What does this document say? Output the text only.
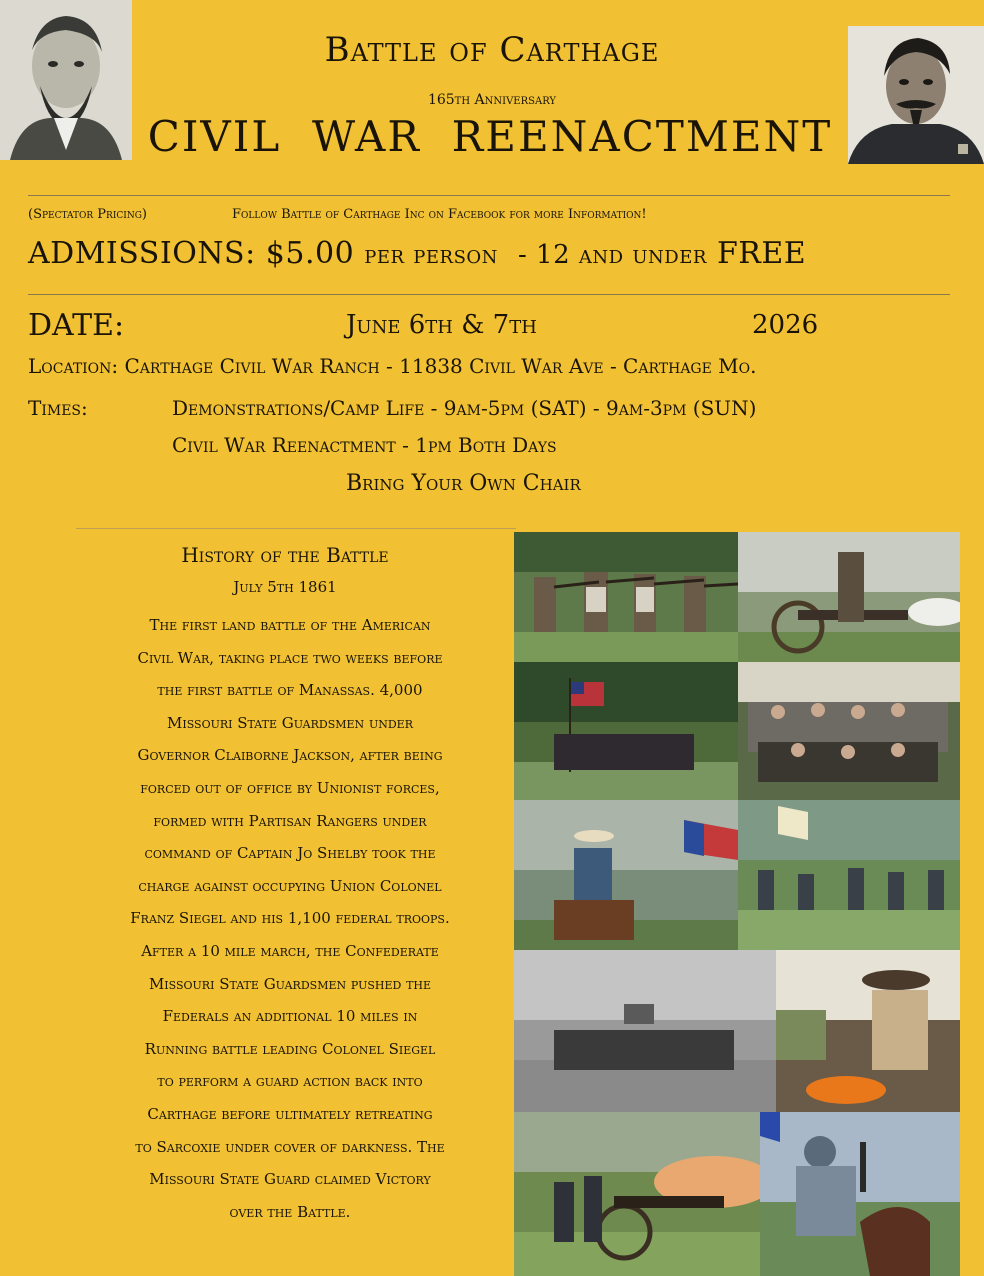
Battle of Carthage
165th Anniversary
CIVIL  WAR  REENACTMENT
(Spectator Pricing)	Follow Battle of Carthage Inc on Facebook for more Information!
ADMISSIONS: $5.00 per person - 12 and under FREE
DATE:	June 6th & 7th	2026
Location: Carthage Civil War Ranch - 11838 Civil War Ave - Carthage Mo.
Times:	Demonstrations/Camp Life - 9am-5pm (SAT) - 9am-3pm (SUN)
Civil War Reenactment - 1pm Both Days
Bring Your Own Chair
History of the Battle
July 5th 1861
The first land battle of the American
Civil War, taking place two weeks before
the first battle of Manassas. 4,000
Missouri State Guardsmen under
Governor Claiborne Jackson, after being
forced out of office by Unionist forces,
formed with Partisan Rangers under
command of Captain Jo Shelby took the
charge against occupying Union Colonel
Franz Siegel and his 1,100 federal troops.
After a 10 mile march, the Confederate
Missouri State Guardsmen pushed the
Federals an additional 10 miles in
Running battle leading Colonel Siegel
to perform a guard action back into
Carthage before ultimately retreating
to Sarcoxie under cover of darkness. The
Missouri State Guard claimed Victory
over the Battle.
